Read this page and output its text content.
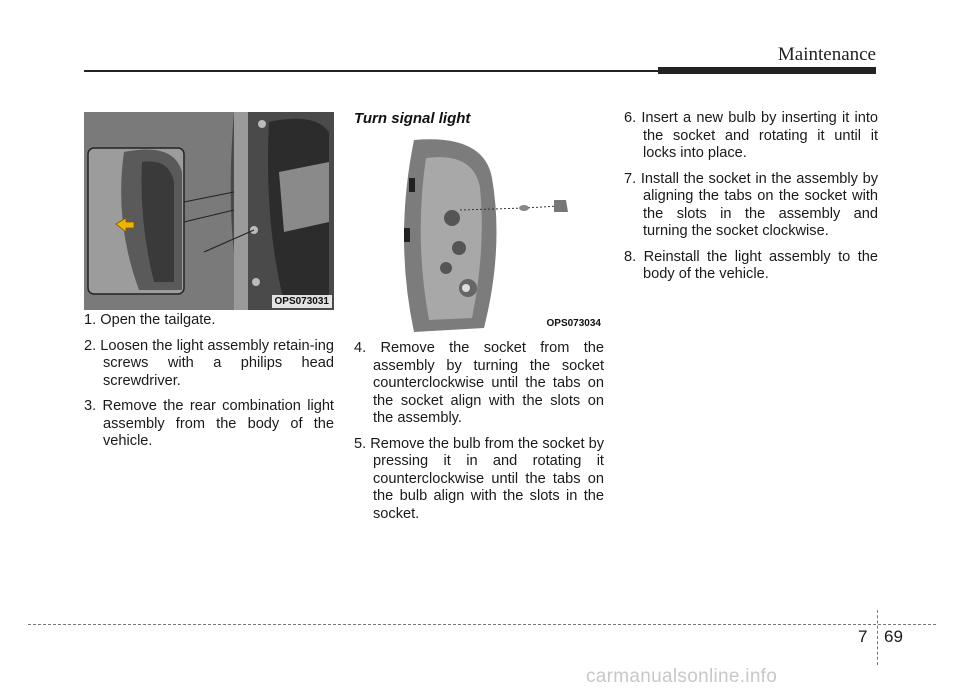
Maintenance
OPS073031
OPS073034
Turn signal light
1. Open the tailgate.
2. Loosen the light assembly retain-ing screws with a philips head screwdriver.
3. Remove the rear combination light assembly from the body of the vehicle.
4. Remove the socket from the assembly by turning the socket counterclockwise until the tabs on the socket align with the slots on the assembly.
5. Remove the bulb from the socket by pressing it in and rotating it counterclockwise until the tabs on the bulb align with the slots in the socket.
6. Insert a new bulb by inserting it into the socket and rotating it until it locks into place.
7. Install the socket in the assembly by aligning the tabs on the socket with the slots in the assembly and turning the socket clockwise.
8. Reinstall the light assembly to the body of the vehicle.
7 69
carmanualsonline.info
